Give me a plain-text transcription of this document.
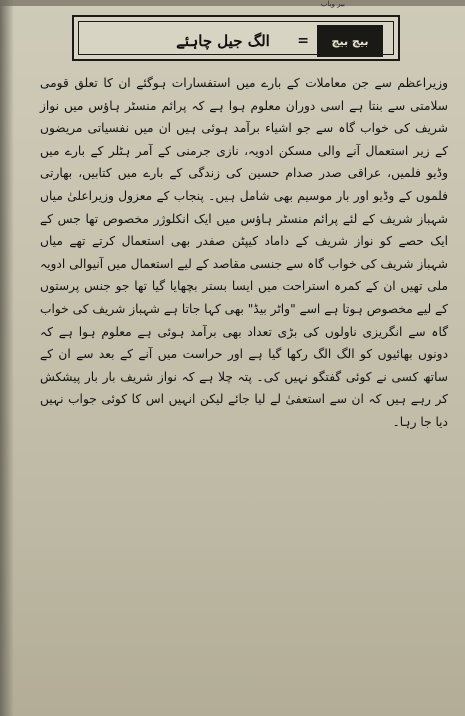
بیر ویاب
بیچ بیچ
=
الگ جیل چاہئے

وزیراعظم سے جن معاملات کے بارے میں استفسارات ہوگئے ان کا تعلق قومی سلامتی سے بنتا ہے اسی دوران معلوم ہوا ہے کہ پرائم منسٹر ہاؤس میں نواز شریف کی خواب گاہ سے جو اشیاء برآمد ہوئی ہیں ان میں نفسیاتی مریضوں کے زیر استعمال آنے والی مسکن ادویہ، نازی جرمنی کے آمر ہٹلر کے بارے میں وڈیو فلمیں، عراقی صدر صدام حسین کی زندگی کے بارے میں کتابیں، بھارتی فلموں کے وڈیو اور بار موسیم بھی شامل ہیں۔ پنجاب کے معزول وزیراعلیٰ میاں شہباز شریف کے لئے پرائم منسٹر ہاؤس میں ایک انکلوژر مخصوص تھا جس کے ایک حصے کو نواز شریف کے داماد کیپٹن صفدر بھی استعمال کرتے تھے میاں شہباز شریف کی خواب گاہ سے جنسی مقاصد کے لیے استعمال میں آنیوالی ادویہ ملی تھیں ان کے کمرہ استراحت میں ایسا بستر بچھایا گیا تھا جو جنس پرستوں کے لیے مخصوص ہوتا ہے اسے "واٹر بیڈ" بھی کہا جاتا ہے شہباز شریف کی خواب گاہ سے انگریزی ناولوں کی بڑی تعداد بھی برآمد ہوئی ہے معلوم ہوا ہے کہ دونوں بھائیوں کو الگ الگ رکھا گیا ہے اور حراست میں آنے کے بعد سے ان کے ساتھ کسی نے کوئی گفتگو نہیں کی۔ پتہ چلا ہے کہ نواز شریف بار بار پیشکش کر رہے ہیں کہ ان سے استعفیٰ لے لیا جائے لیکن انہیں اس کا کوئی جواب نہیں دیا جا رہا۔
